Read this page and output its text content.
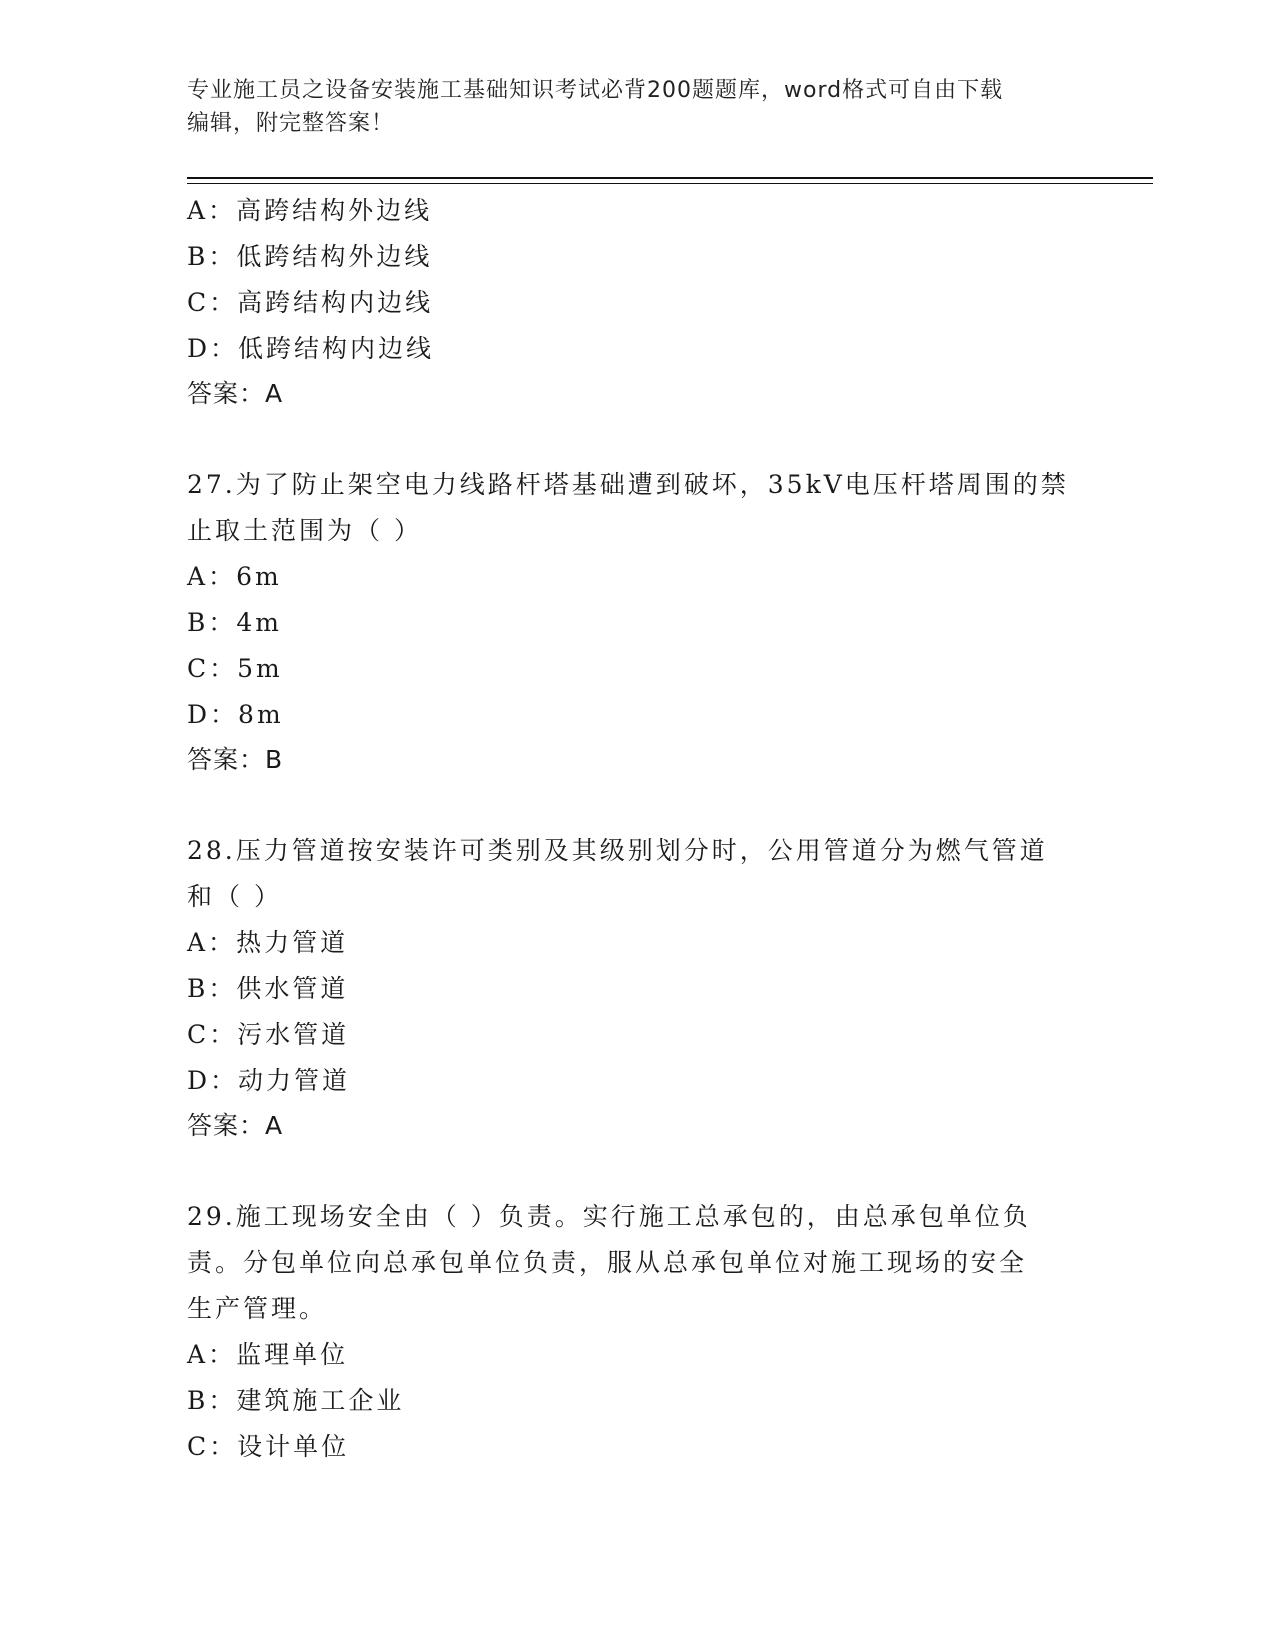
专业施工员之设备安装施工基础知识考试必背200题题库，word格式可自由下载
编辑，附完整答案！
A：高跨结构外边线
B：低跨结构外边线
C：高跨结构内边线
D：低跨结构内边线
答案：A
27.为了防止架空电力线路杆塔基础遭到破坏，35kV电压杆塔周围的禁
止取土范围为（ ）
A：6m
B：4m
C：5m
D：8m
答案：B
28.压力管道按安装许可类别及其级别划分时，公用管道分为燃气管道
和（ ）
A：热力管道
B：供水管道
C：污水管道
D：动力管道
答案：A
29.施工现场安全由（ ）负责。实行施工总承包的，由总承包单位负
责。分包单位向总承包单位负责，服从总承包单位对施工现场的安全
生产管理。
A：监理单位
B：建筑施工企业
C：设计单位
